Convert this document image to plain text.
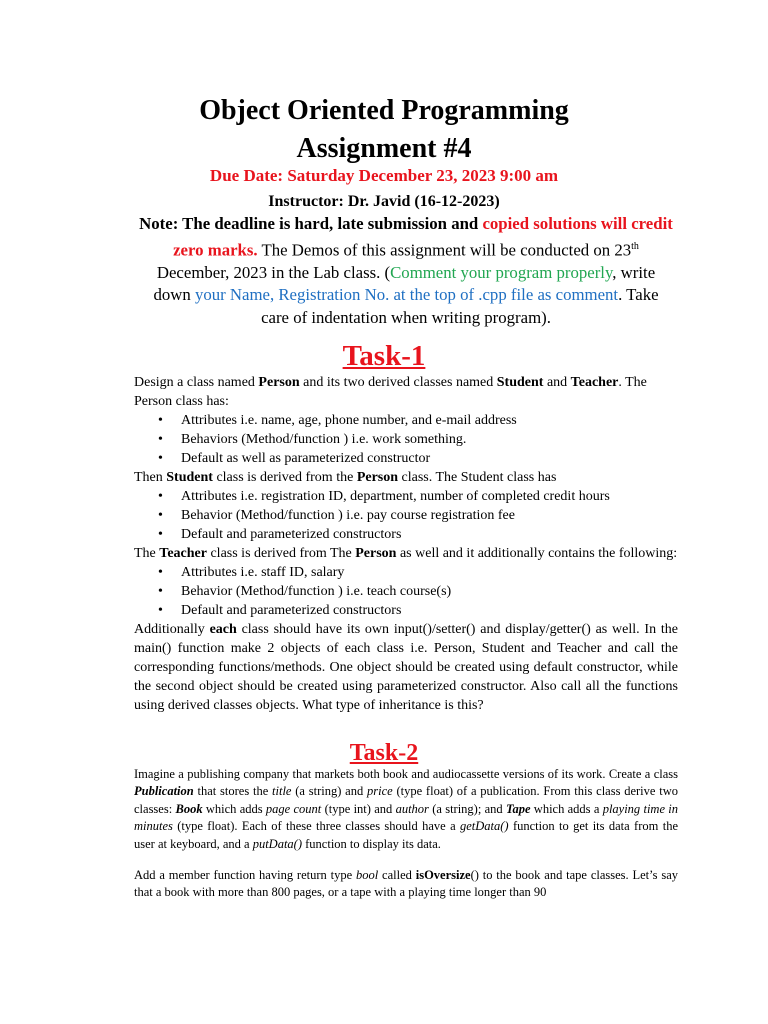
Object Oriented Programming
Assignment #4
Due Date: Saturday December 23, 2023 9:00 am
Instructor: Dr. Javid (16-12-2023)
Note: The deadline is hard, late submission and copied solutions will credit zero marks. The Demos of this assignment will be conducted on 23th December, 2023 in the Lab class. (Comment your program properly, write down your Name, Registration No. at the top of .cpp file as comment. Take care of indentation when writing program).
Task-1

Design a class named Person and its two derived classes named Student and Teacher. The Person class has:

• Attributes i.e. name, age, phone number, and e-mail address
• Behaviors (Method/function ) i.e. work something.
• Default as well as parameterized constructor

Then Student class is derived from the Person class. The Student class has

• Attributes i.e. registration ID, department, number of completed credit hours
• Behavior (Method/function ) i.e. pay course registration fee
• Default and parameterized constructors

The Teacher class is derived from The Person as well and it additionally contains the following:

• Attributes i.e. staff ID, salary
• Behavior (Method/function ) i.e. teach course(s)
• Default and parameterized constructors

Additionally each class should have its own input()/setter() and display/getter() as well. In the main() function make 2 objects of each class i.e. Person, Student and Teacher and call the corresponding functions/methods. One object should be created using default constructor, while the second object should be created using parameterized constructor. Also call all the functions using derived classes objects. What type of inheritance is this?

Task-2

Imagine a publishing company that markets both book and audiocassette versions of its work. Create a class Publication that stores the title (a string) and price (type float) of a publication. From this class derive two classes: Book which adds page count (type int) and author (a string); and Tape which adds a playing time in minutes (type float). Each of these three classes should have a getData() function to get its data from the user at keyboard, and a putData() function to display its data.

Add a member function having return type bool called isOversize() to the book and tape classes. Let’s say that a book with more than 800 pages, or a tape with a playing time longer than 90
